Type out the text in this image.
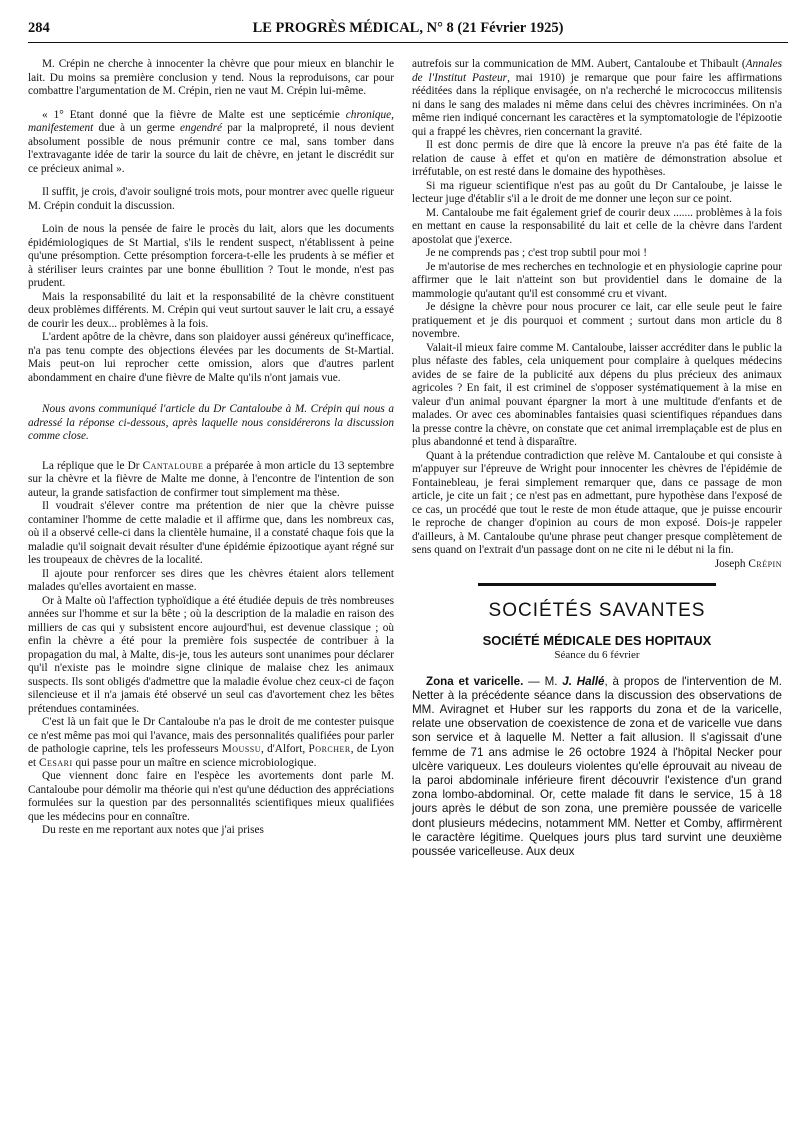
284	LE PROGRÈS MÉDICAL, N° 8 (21 Février 1925)

M. Crépin ne cherche à innocenter la chèvre que pour mieux en blanchir le lait. Du moins sa première conclusion y tend. Nous la reproduisons, car pour combattre l'argumentation de M. Crépin, rien ne vaut M. Crépin lui-même.

« 1° Etant donné que la fièvre de Malte est une septicémie chronique, manifestement due à un germe engendré par la malpropreté, il nous devient absolument possible de nous prémunir contre ce mal, sans tomber dans l'extravagante idée de tarir la source du lait de chèvre, en jetant le discrédit sur ce précieux animal ».

Il suffit, je crois, d'avoir souligné trois mots, pour montrer avec quelle rigueur M. Crépin conduit la discussion.

Loin de nous la pensée de faire le procès du lait, alors que les documents épidémiologiques de St Martial, s'ils le rendent suspect, n'établissent à peine qu'une présomption. Cette présomption forcera-t-elle les prudents à se méfier et à stériliser leurs craintes par une bonne ébullition ? Tout le monde, n'est pas prudent.

Mais la responsabilité du lait et la responsabilité de la chèvre constituent deux problèmes différents. M. Crépin qui veut surtout sauver le lait cru, a essayé de courir les deux... problèmes à la fois.

L'ardent apôtre de la chèvre, dans son plaidoyer aussi généreux qu'inefficace, n'a pas tenu compte des objections élevées par les documents de St-Martial. Mais peut-on lui reprocher cette omission, alors que d'autres parlent abondamment en chaire d'une fièvre de Malte qu'ils n'ont jamais vue.

Nous avons communiqué l'article du Dr Cantaloube à M. Crépin qui nous a adressé la réponse ci-dessous, après laquelle nous considérerons la discussion comme close.

La réplique que le Dr Cantaloube a préparée à mon article du 13 septembre sur la chèvre et la fièvre de Malte me donne, à l'encontre de l'intention de son auteur, la grande satisfaction de confirmer tout simplement ma thèse.

Il voudrait s'élever contre ma prétention de nier que la chèvre puisse contaminer l'homme de cette maladie et il affirme que, dans les nombreux cas, où il a observé celle-ci dans la clientèle humaine, il a constaté chaque fois que la maladie qu'il soignait devait résulter d'une épidémie épizootique ayant régné sur les troupeaux de chèvres de la localité.

Il ajoute pour renforcer ses dires que les chèvres étaient alors tellement malades qu'elles avortaient en masse.

Or à Malte où l'affection typhoïdique a été étudiée depuis de très nombreuses années sur l'homme et sur la bête ; où la description de la maladie en raison des milliers de cas qui y subsistent encore aujourd'hui, est devenue classique ; où enfin la chèvre a été pour la première fois suspectée de contribuer à la propagation du mal, à Malte, dis-je, tous les auteurs sont unanimes pour déclarer qu'il n'existe pas le moindre signe clinique de malaise chez les animaux suspects. Ils sont obligés d'admettre que la maladie évolue chez ceux-ci de façon silencieuse et il n'a jamais été observé un seul cas d'avortement chez les bêtes prétendues contaminées.

C'est là un fait que le Dr Cantaloube n'a pas le droit de me contester puisque ce n'est même pas moi qui l'avance, mais des personnalités qualifiées pour parler de pathologie caprine, tels les professeurs Moussu, d'Alfort, Porcher, de Lyon et Cesari qui passe pour un maître en science microbiologique.

Que viennent donc faire en l'espèce les avortements dont parle M. Cantaloube pour démolir ma théorie qui n'est qu'une déduction des appréciations formulées sur la question par des personnalités scientifiques mieux qualifiées que les médecins pour en connaître.

Du reste en me reportant aux notes que j'ai prises

autrefois sur la communication de MM. Aubert, Cantaloube et Thibault (Annales de l'Institut Pasteur, mai 1910) je remarque que pour faire les affirmations rééditées dans la réplique envisagée, on n'a recherché le micrococcus militensis ni dans le sang des malades ni même dans celui des chèvres incriminées. On n'a même rien indiqué concernant les caractères et la symptomatologie de l'épizootie qui a frappé les chèvres, rien concernant la gravité.

Il est donc permis de dire que là encore la preuve n'a pas été faite de la relation de cause à effet et qu'on en matière de démonstration absolue et irréfutable, on est resté dans le domaine des hypothèses.

Si ma rigueur scientifique n'est pas au goût du Dr Cantaloube, je laisse le lecteur juge d'établir s'il a le droit de me donner une leçon sur ce point.

M. Cantaloube me fait également grief de courir deux ....... problèmes à la fois en mettant en cause la responsabilité du lait et celle de la chèvre dans l'ardent apostolat que j'exerce.

Je ne comprends pas ; c'est trop subtil pour moi !

Je m'autorise de mes recherches en technologie et en physiologie caprine pour affirmer que le lait n'atteint son but providentiel dans le domaine de la mammologie qu'autant qu'il est consommé cru et vivant.

Je désigne la chèvre pour nous procurer ce lait, car elle seule peut le faire pratiquement et je dis pourquoi et comment ; surtout dans mon article du 8 novembre.

Valait-il mieux faire comme M. Cantaloube, laisser accréditer dans le public la plus néfaste des fables, cela uniquement pour complaire à quelques médecins avides de se faire de la publicité aux dépens du plus précieux des animaux agricoles ? En fait, il est criminel de s'opposer systématiquement à la mise en valeur d'un animal pouvant épargner la mort à une multitude d'enfants et de malades. Or avec ces abominables fantaisies quasi scientifiques répandues dans la presse contre la chèvre, on constate que cet animal irremplaçable est de plus en plus abandonné et tend à disparaître.

Quant à la prétendue contradiction que relève M. Cantaloube et qui consiste à m'appuyer sur l'épreuve de Wright pour innocenter les chèvres de l'épidémie de Fontainebleau, je ferai simplement remarquer que, dans ce passage de mon article, je cite un fait ; ce n'est pas en admettant, pure hypothèse dans l'exposé de ce cas, un procédé que tout le reste de mon étude attaque, que je puisse encourir le reproche de changer d'opinion au cours de mon exposé. Dois-je rappeler d'ailleurs, à M. Cantaloube qu'une phrase peut changer presque complètement de sens quand on l'extrait d'un passage dont on ne cite ni le début ni la fin.

Joseph Crépin

SOCIÉTÉS SAVANTES
SOCIÉTÉ MÉDICALE DES HOPITAUX
Séance du 6 février

Zona et varicelle. — M. J. Hallé, à propos de l'intervention de M. Netter à la précédente séance dans la discussion des observations de MM. Aviragnet et Huber sur les rapports du zona et de la varicelle, relate une observation de coexistence de zona et de varicelle vue dans son service et à laquelle M. Netter a fait allusion. Il s'agissait d'une femme de 71 ans admise le 26 octobre 1924 à l'hôpital Necker pour ulcère variqueux. Les douleurs violentes qu'elle éprouvait au niveau de la paroi abdominale inférieure firent découvrir l'existence d'un grand zona lombo-abdominal. Or, cette malade fit dans le service, 15 à 18 jours après le début de son zona, une première poussée de varicelle dont plusieurs médecins, notamment MM. Netter et Comby, affirmèrent le caractère légitime. Quelques jours plus tard survint une deuxième poussée varicelleuse. Aux deux
